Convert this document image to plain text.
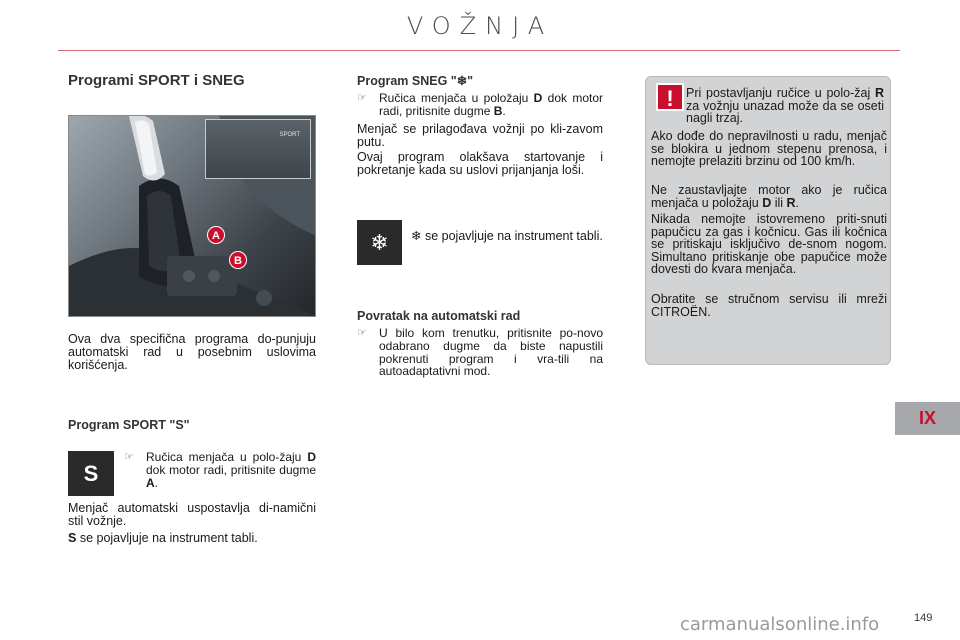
VOŽNJA
Programi SPORT i SNEG
SPORT
A
B
Ova dva specifična programa do-punjuju automatski rad u posebnim uslovima korišćenja.
Program SPORT "S"
S
☞ Ručica menjača u polo-žaju D dok motor radi, pritisnite dugme A.
Menjač automatski uspostavlja di-namični stil vožnje.
S se pojavljuje na instrument tabli.
Program SNEG "❄"
☞ Ručica menjača u položaju D dok motor radi, pritisnite dugme B.
Menjač se prilagođava vožnji po kli-zavom putu.
Ovaj program olakšava startovanje i pokretanje kada su uslovi prijanjanja loši.
❄	❄ se pojavljuje na instrument tabli.
Povratak na automatski rad
☞ U bilo kom trenutku, pritisnite po-novo odabrano dugme da biste napustili pokrenuti program i vra-tili na autoadaptativni mod.
! Pri postavljanju ručice u polo-žaj R za vožnju unazad može da se oseti nagli trzaj.
Ako dođe do nepravilnosti u radu, menjač se blokira u jednom stepenu prenosa, i nemojte prelaziti brzinu od 100 km/h.
Ne zaustavljajte motor ako je ručica menjača u položaju D ili R.
Nikada nemojte istovremeno priti-snuti papučicu za gas i kočnicu. Gas ili kočnica se pritiskaju isključivo de-snom nogom. Simultano pritiskanje obe papučice može dovesti do kvara menjača.
Obratite se stručnom servisu ili mreži CITROËN.
IX
carmanualsonline.info	149
